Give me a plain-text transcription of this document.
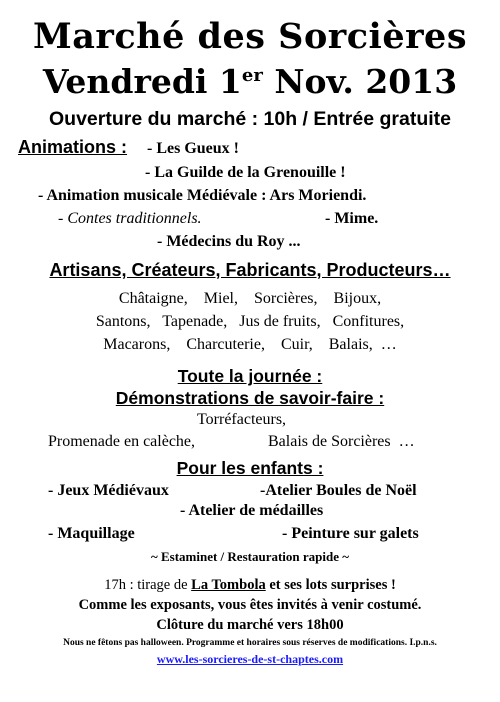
Marché des Sorcières
Vendredi 1er Nov. 2013
Ouverture du marché : 10h / Entrée gratuite
Animations : - Les Gueux !
- La Guilde de la Grenouille !
- Animation musicale Médiévale : Ars Moriendi.
- Contes traditionnels.	- Mime.
- Médecins du Roy ...
Artisans, Créateurs, Fabricants, Producteurs…
Châtaigne,    Miel,    Sorcières,    Bijoux,
Santons,   Tapenade,   Jus de fruits,   Confitures,
Macarons,    Charcuterie,    Cuir,    Balais,  …
Toute la journée :
Démonstrations de savoir-faire :
Torréfacteurs,
Promenade en calèche,	Balais de Sorcières  …
Pour les enfants :
- Jeux Médiévaux	-Atelier Boules de Noël
- Atelier de médailles
- Maquillage	- Peinture sur galets
~ Estaminet / Restauration rapide ~
17h : tirage de La Tombola et ses lots surprises !
Comme les exposants, vous êtes invités à venir costumé.
Clôture du marché vers 18h00
Nous ne fêtons pas halloween. Programme et horaires sous réserves de modifications. I.p.n.s.
www.les-sorcieres-de-st-chaptes.com
